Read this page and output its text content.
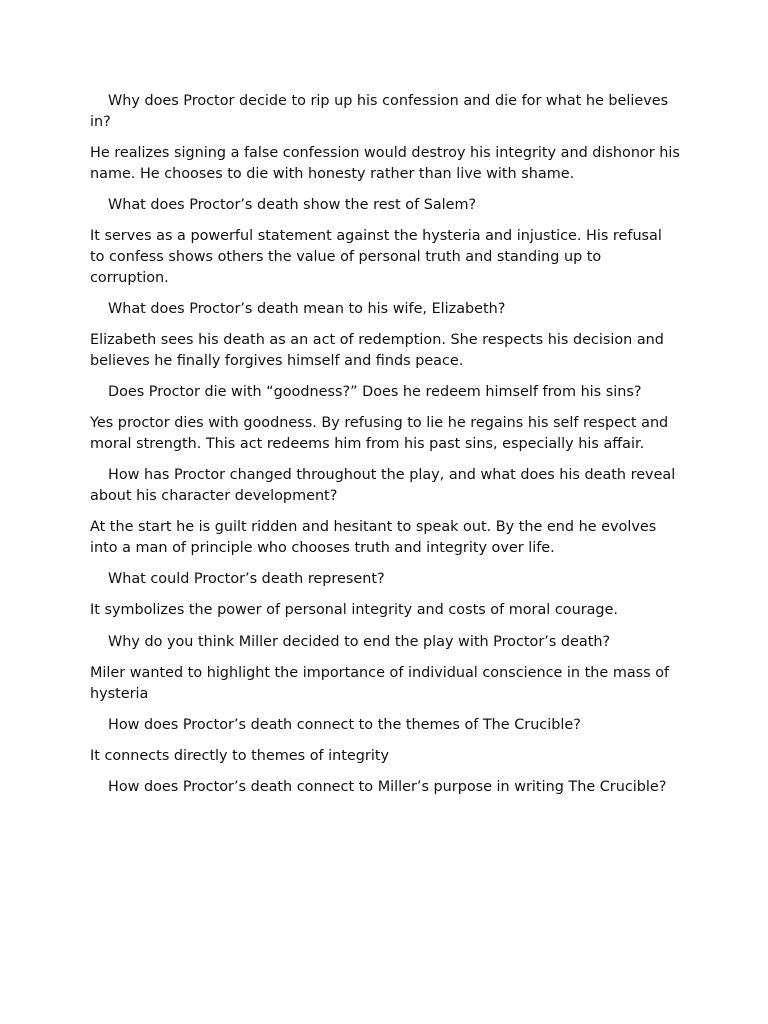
Why does Proctor decide to rip up his confession and die for what he believes in?

He realizes signing a false confession would destroy his integrity and dishonor his name. He chooses to die with honesty rather than live with shame.

What does Proctor’s death show the rest of Salem?

It serves as a powerful statement against the hysteria and injustice. His refusal to confess shows others the value of personal truth and standing up to corruption.

What does Proctor’s death mean to his wife, Elizabeth?

Elizabeth sees his death as an act of redemption. She respects his decision and believes he finally forgives himself and finds peace.

Does Proctor die with “goodness?” Does he redeem himself from his sins?

Yes proctor dies with goodness. By refusing to lie he regains his self respect and moral strength. This act redeems him from his past sins, especially his affair.

How has Proctor changed throughout the play, and what does his death reveal about his character development?

At the start he is guilt ridden and hesitant to speak out. By the end he evolves into a man of principle who chooses truth and integrity over life.

What could Proctor’s death represent?

It symbolizes the power of personal integrity and costs of moral courage.

Why do you think Miller decided to end the play with Proctor’s death?

Miler wanted to highlight the importance of individual conscience in the mass of hysteria

How does Proctor’s death connect to the themes of The Crucible?

It connects directly to themes of integrity

How does Proctor’s death connect to Miller’s purpose in writing The Crucible?
